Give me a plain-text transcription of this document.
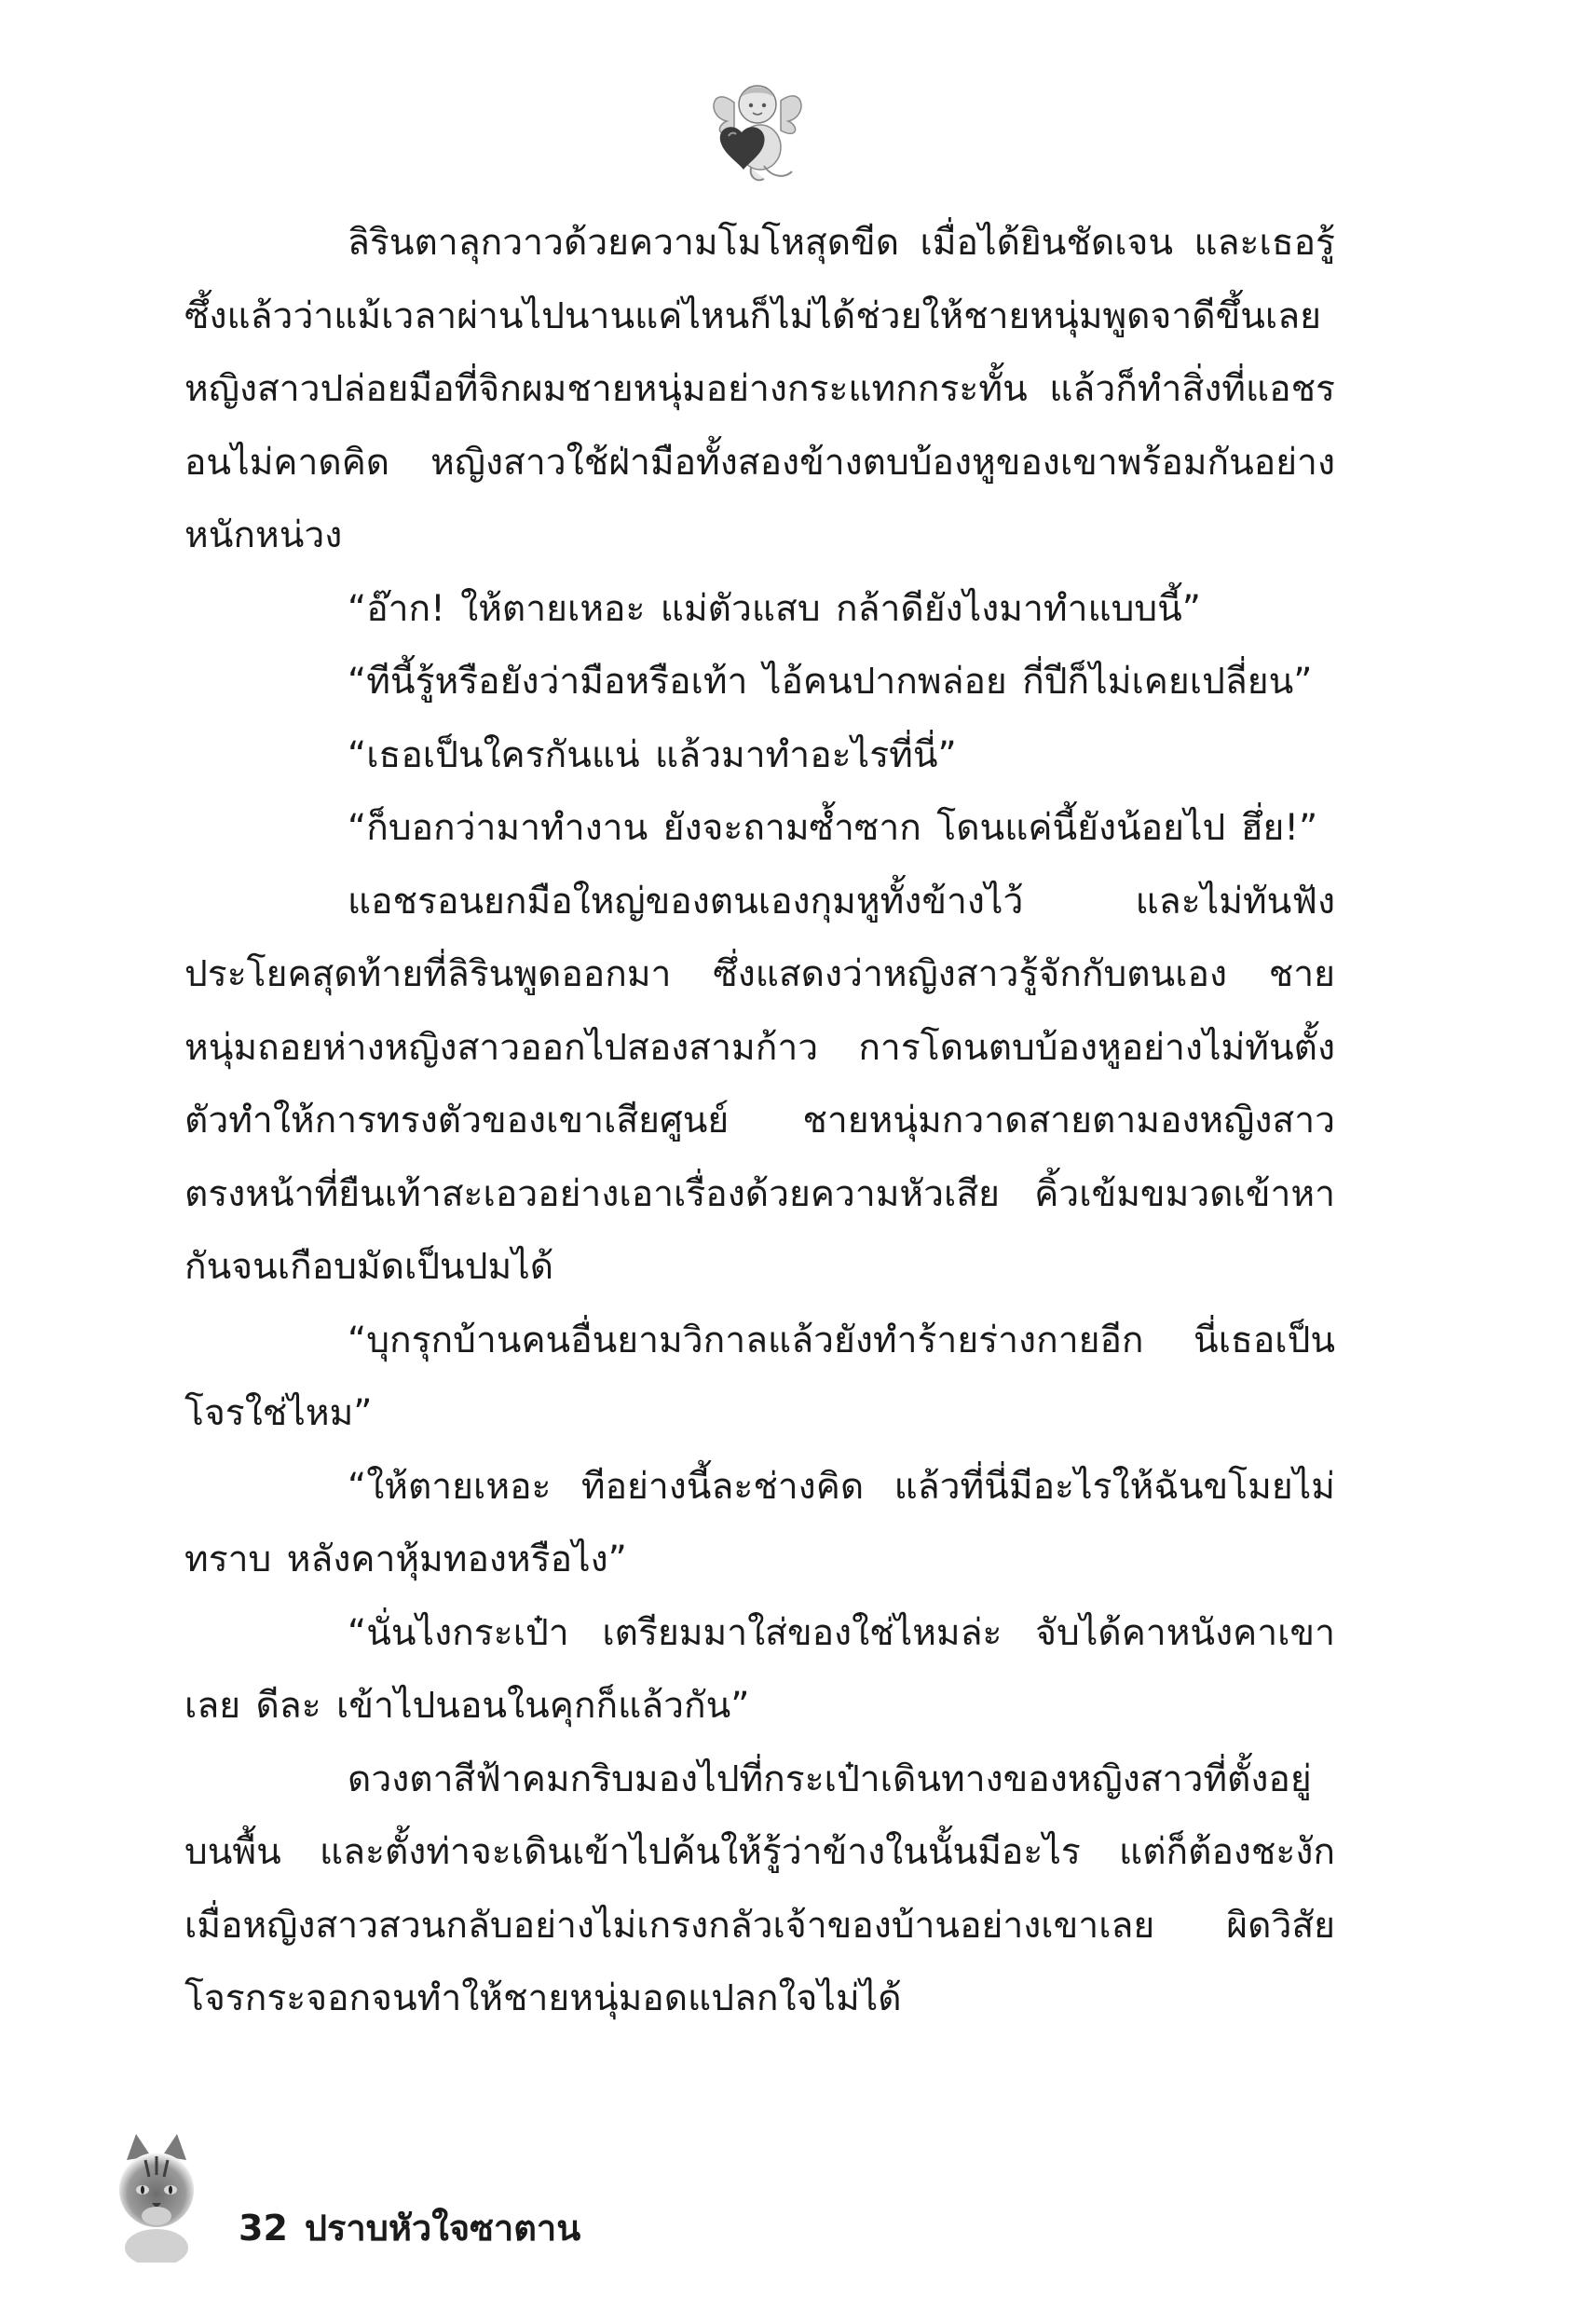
ลิรินตาลุกวาวด้วยความโมโหสุดขีด เมื่อได้ยินชัดเจน และเธอรู้ซึ้งแล้วว่าแม้เวลาผ่านไปนานแค่ไหนก็ไม่ได้ช่วยให้ชายหนุ่มพูดจาดีขึ้นเลย หญิงสาวปล่อยมือที่จิกผมชายหนุ่มอย่างกระแทกกระทั้น แล้วก็ทำสิ่งที่แอชรอนไม่คาดคิด หญิงสาวใช้ฝ่ามือทั้งสองข้างตบบ้องหูของเขาพร้อมกันอย่างหนักหน่วง

“อ๊าก! ให้ตายเหอะ แม่ตัวแสบ กล้าดียังไงมาทำแบบนี้”

“ทีนี้รู้หรือยังว่ามือหรือเท้า ไอ้คนปากพล่อย กี่ปีก็ไม่เคยเปลี่ยน”

“เธอเป็นใครกันแน่ แล้วมาทำอะไรที่นี่”

“ก็บอกว่ามาทำงาน ยังจะถามซ้ำซาก โดนแค่นี้ยังน้อยไป ฮึ่ย!”

แอชรอนยกมือใหญ่ของตนเองกุมหูทั้งข้างไว้ และไม่ทันฟังประโยคสุดท้ายที่ลิรินพูดออกมา ซึ่งแสดงว่าหญิงสาวรู้จักกับตนเอง ชายหนุ่มถอยห่างหญิงสาวออกไปสองสามก้าว การโดนตบบ้องหูอย่างไม่ทันตั้งตัวทำให้การทรงตัวของเขาเสียศูนย์ ชายหนุ่มกวาดสายตามองหญิงสาวตรงหน้าที่ยืนเท้าสะเอวอย่างเอาเรื่องด้วยความหัวเสีย คิ้วเข้มขมวดเข้าหากันจนเกือบมัดเป็นปมได้

“บุกรุกบ้านคนอื่นยามวิกาลแล้วยังทำร้ายร่างกายอีก นี่เธอเป็นโจรใช่ไหม”

“ให้ตายเหอะ ทีอย่างนี้ละช่างคิด แล้วที่นี่มีอะไรให้ฉันขโมยไม่ทราบ หลังคาหุ้มทองหรือไง”

“นั่นไงกระเป๋า เตรียมมาใส่ของใช่ไหมล่ะ จับได้คาหนังคาเขาเลย ดีละ เข้าไปนอนในคุกก็แล้วกัน”

ดวงตาสีฟ้าคมกริบมองไปที่กระเป๋าเดินทางของหญิงสาวที่ตั้งอยู่บนพื้น และตั้งท่าจะเดินเข้าไปค้นให้รู้ว่าข้างในนั้นมีอะไร แต่ก็ต้องชะงักเมื่อหญิงสาวสวนกลับอย่างไม่เกรงกลัวเจ้าของบ้านอย่างเขาเลย ผิดวิสัยโจรกระจอกจนทำให้ชายหนุ่มอดแปลกใจไม่ได้

32 ปราบหัวใจซาตาน
